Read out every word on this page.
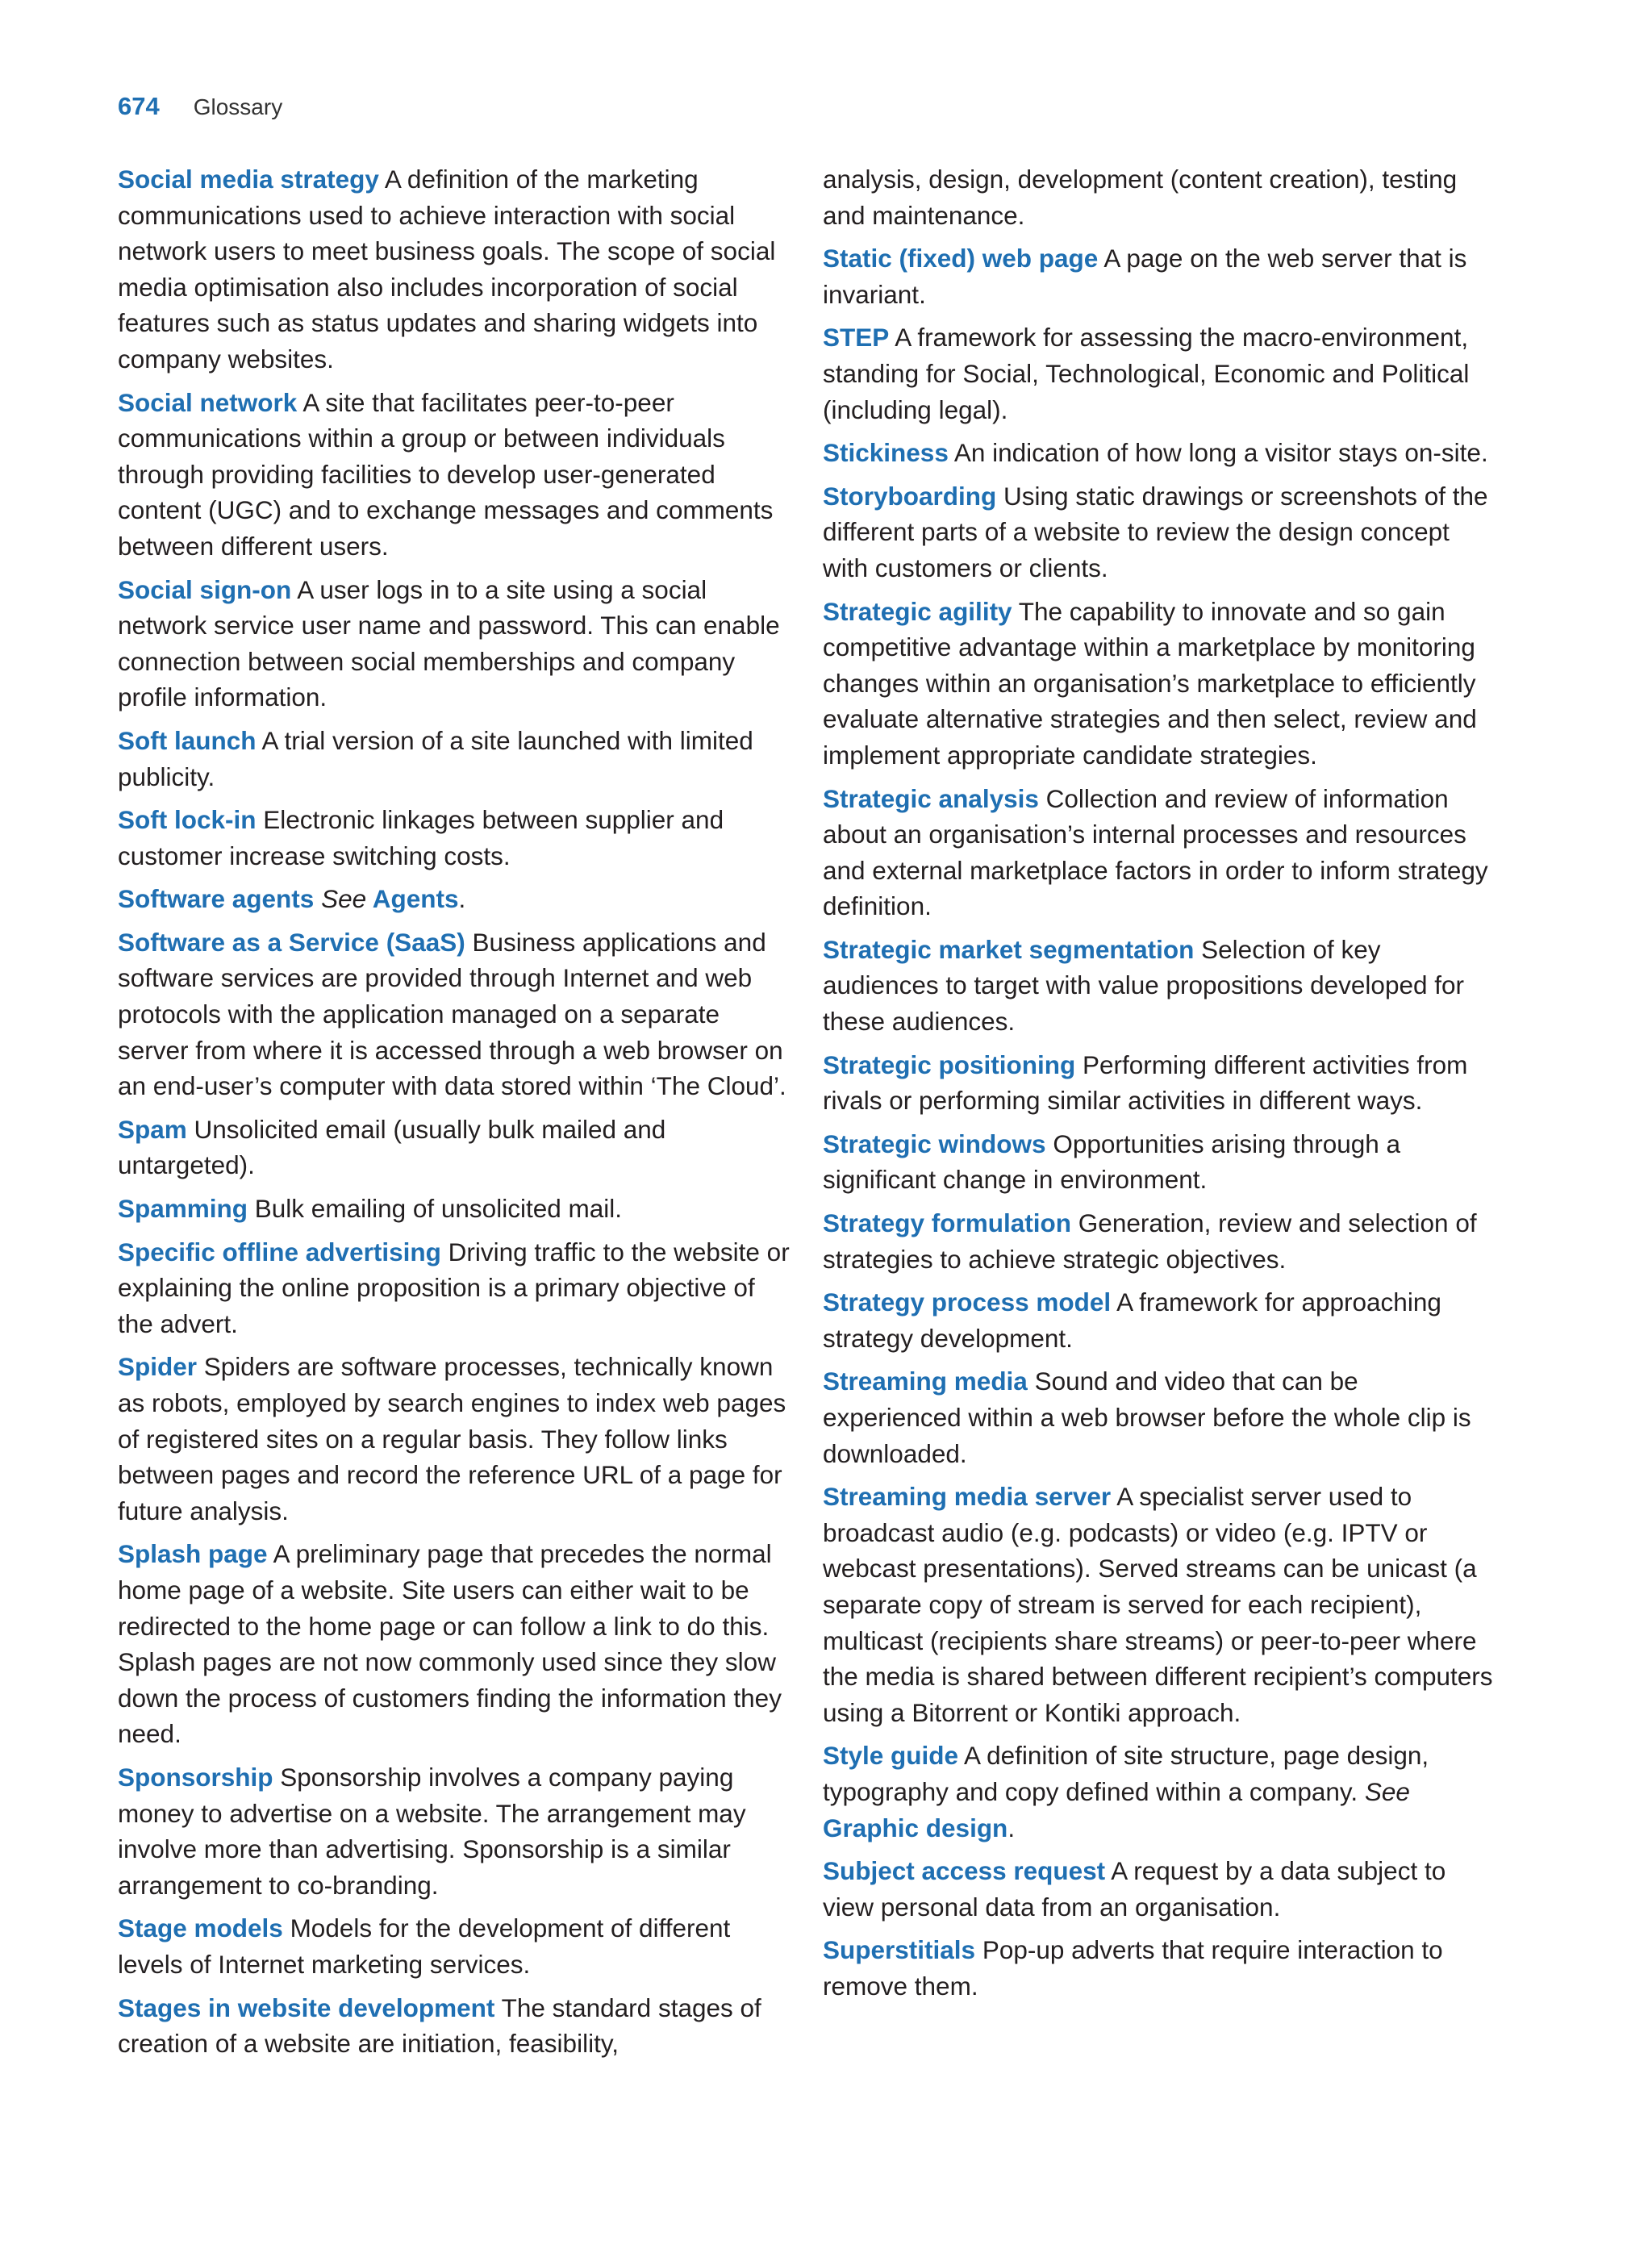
674 Glossary

Social media strategy A definition of the marketing communications used to achieve interaction with social network users to meet business goals. The scope of social media optimisation also includes incorporation of social features such as status updates and sharing widgets into company websites.

Social network A site that facilitates peer-to-peer communications within a group or between individuals through providing facilities to develop user-generated content (UGC) and to exchange messages and comments between different users.

Social sign-on A user logs in to a site using a social network service user name and password. This can enable connection between social memberships and company profile information.

Soft launch A trial version of a site launched with limited publicity.

Soft lock-in Electronic linkages between supplier and customer increase switching costs.

Software agents See Agents.

Software as a Service (SaaS) Business applications and software services are provided through Internet and web protocols with the application managed on a separate server from where it is accessed through a web browser on an end-user’s computer with data stored within ‘The Cloud’.

Spam Unsolicited email (usually bulk mailed and untargeted).

Spamming Bulk emailing of unsolicited mail.

Specific offline advertising Driving traffic to the website or explaining the online proposition is a primary objective of the advert.

Spider Spiders are software processes, technically known as robots, employed by search engines to index web pages of registered sites on a regular basis. They follow links between pages and record the reference URL of a page for future analysis.

Splash page A preliminary page that precedes the normal home page of a website. Site users can either wait to be redirected to the home page or can follow a link to do this. Splash pages are not now commonly used since they slow down the process of customers finding the information they need.

Sponsorship Sponsorship involves a company paying money to advertise on a website. The arrangement may involve more than advertising. Sponsorship is a similar arrangement to co-branding.

Stage models Models for the development of different levels of Internet marketing services.

Stages in website development The standard stages of creation of a website are initiation, feasibility,

analysis, design, development (content creation), testing and maintenance.

Static (fixed) web page A page on the web server that is invariant.

STEP A framework for assessing the macro-environment, standing for Social, Technological, Economic and Political (including legal).

Stickiness An indication of how long a visitor stays on-site.

Storyboarding Using static drawings or screenshots of the different parts of a website to review the design concept with customers or clients.

Strategic agility The capability to innovate and so gain competitive advantage within a marketplace by monitoring changes within an organisation’s marketplace to efficiently evaluate alternative strategies and then select, review and implement appropriate candidate strategies.

Strategic analysis Collection and review of information about an organisation’s internal processes and resources and external marketplace factors in order to inform strategy definition.

Strategic market segmentation Selection of key audiences to target with value propositions developed for these audiences.

Strategic positioning Performing different activities from rivals or performing similar activities in different ways.

Strategic windows Opportunities arising through a significant change in environment.

Strategy formulation Generation, review and selection of strategies to achieve strategic objectives.

Strategy process model A framework for approaching strategy development.

Streaming media Sound and video that can be experienced within a web browser before the whole clip is downloaded.

Streaming media server A specialist server used to broadcast audio (e.g. podcasts) or video (e.g. IPTV or webcast presentations). Served streams can be unicast (a separate copy of stream is served for each recipient), multicast (recipients share streams) or peer-to-peer where the media is shared between different recipient’s computers using a Bitorrent or Kontiki approach.

Style guide A definition of site structure, page design, typography and copy defined within a company. See Graphic design.

Subject access request A request by a data subject to view personal data from an organisation.

Superstitials Pop-up adverts that require interaction to remove them.
